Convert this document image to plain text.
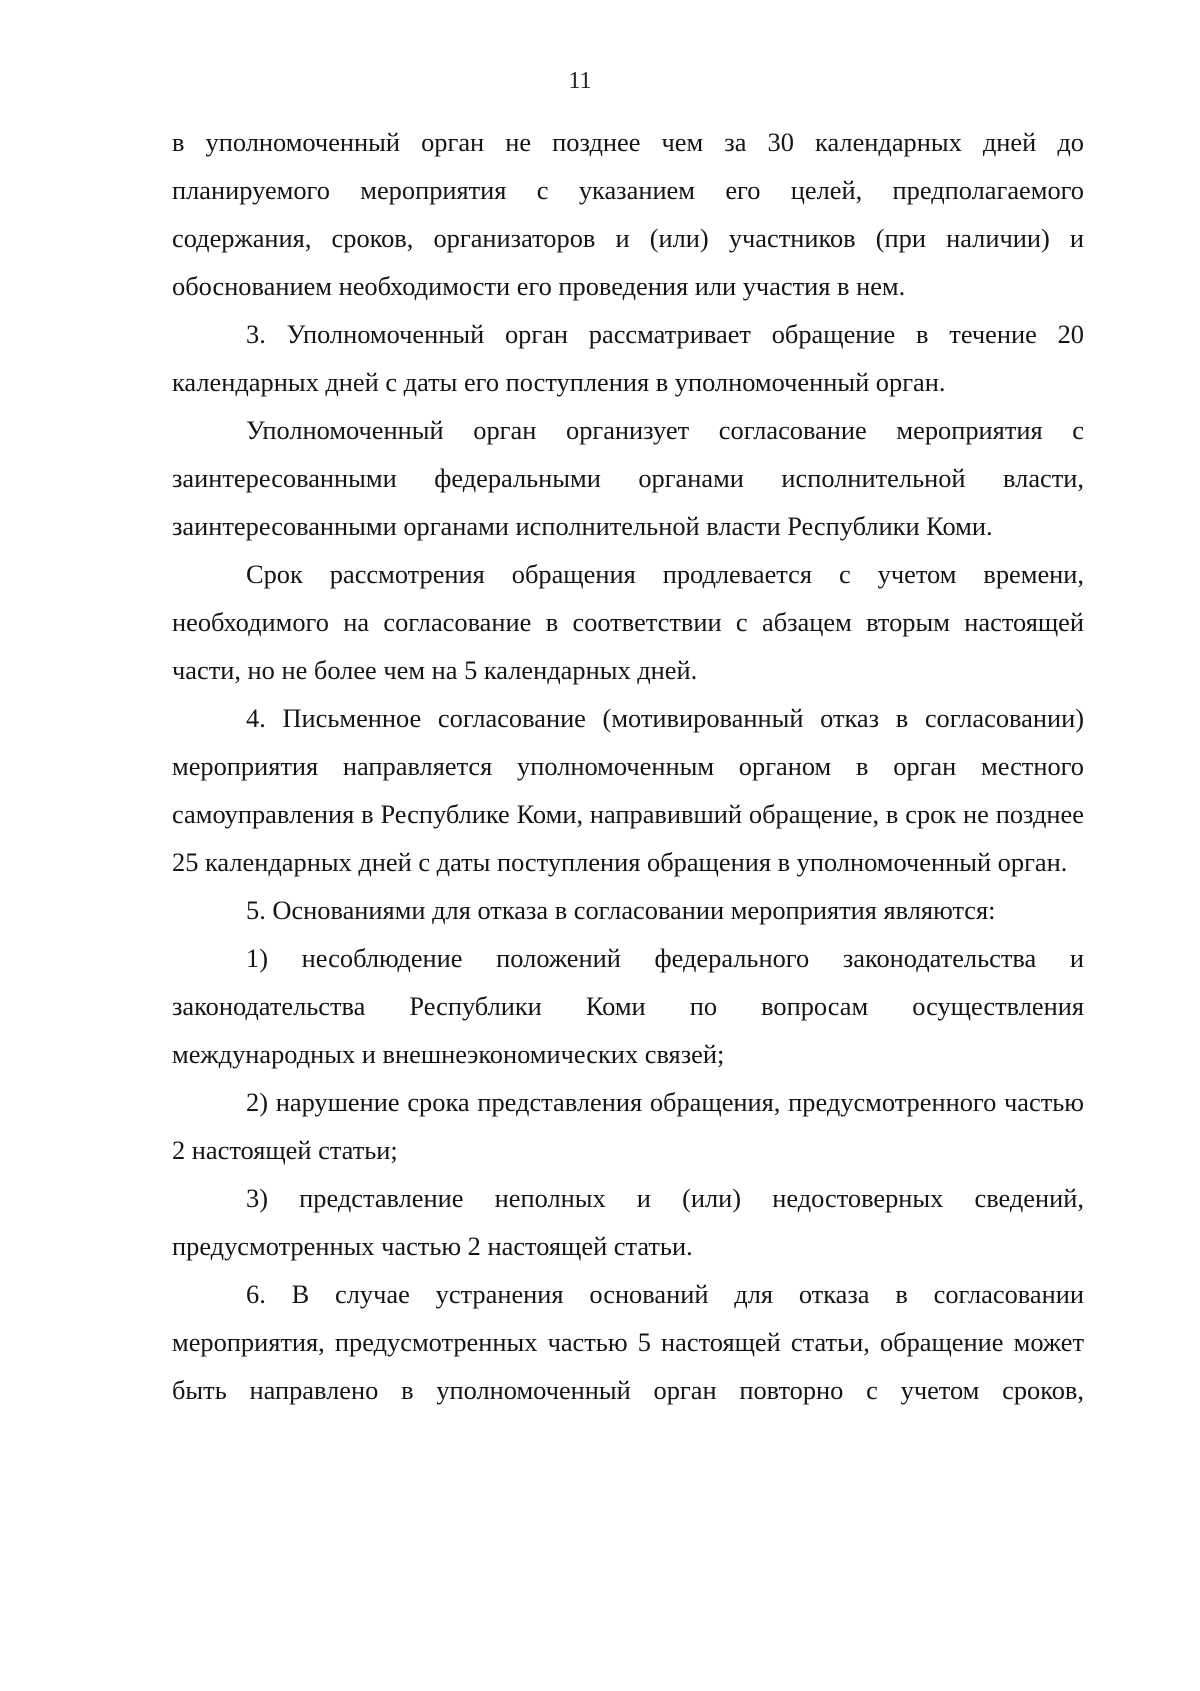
11

в уполномоченный орган не позднее чем за 30 календарных дней до планируемого мероприятия с указанием его целей, предполагаемого содержания, сроков, организаторов и (или) участников (при наличии) и обоснованием необходимости его проведения или участия в нем.

3. Уполномоченный орган рассматривает обращение в течение 20 календарных дней с даты его поступления в уполномоченный орган.

Уполномоченный орган организует согласование мероприятия с заинтересованными федеральными органами исполнительной власти, заинтересованными органами исполнительной власти Республики Коми.

Срок рассмотрения обращения продлевается с учетом времени, необходимого на согласование в соответствии с абзацем вторым настоящей части, но не более чем на 5 календарных дней.

4. Письменное согласование (мотивированный отказ в согласовании) мероприятия направляется уполномоченным органом в орган местного самоуправления в Республике Коми, направивший обращение, в срок не позднее 25 календарных дней с даты поступления обращения в уполномоченный орган.

5. Основаниями для отказа в согласовании мероприятия являются:

1) несоблюдение положений федерального законодательства и законодательства Республики Коми по вопросам осуществления международных и внешнеэкономических связей;

2) нарушение срока представления обращения, предусмотренного частью 2 настоящей статьи;

3) представление неполных и (или) недостоверных сведений, предусмотренных частью 2 настоящей статьи.

6. В случае устранения оснований для отказа в согласовании мероприятия, предусмотренных частью 5 настоящей статьи, обращение может быть направлено в уполномоченный орган повторно с учетом сроков,
